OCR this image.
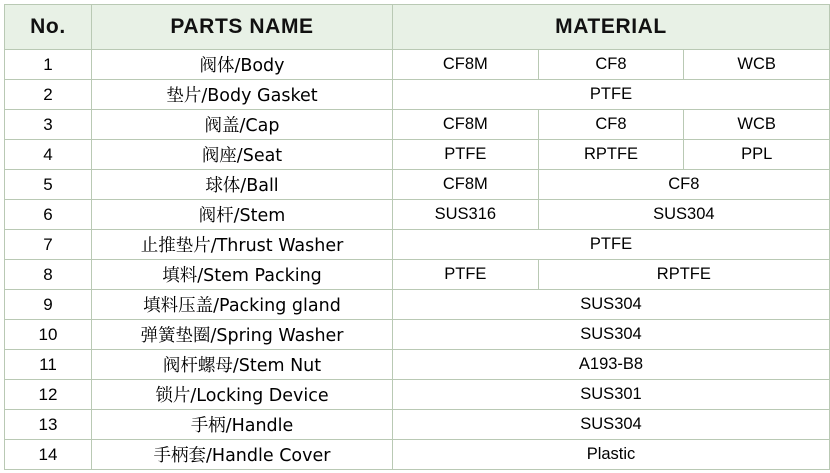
No.	PARTS NAME	MATERIAL		
1	阀体/Body	CF8M	CF8	WCB
2	垫片/Body Gasket	PTFE		
3	阀盖/Cap	CF8M	CF8	WCB
4	阀座/Seat	PTFE	RPTFE	PPL
5	球体/Ball	CF8M	CF8	
6	阀杆/Stem	SUS316	SUS304	
7	止推垫片/Thrust Washer	PTFE		
8	填料/Stem Packing	PTFE	RPTFE	
9	填料压盖/Packing gland	SUS304		
10	弹簧垫圈/Spring Washer	SUS304		
11	阀杆螺母/Stem Nut	A193-B8		
12	锁片/Locking Device	SUS301		
13	手柄/Handle	SUS304		
14	手柄套/Handle Cover	Plastic		
